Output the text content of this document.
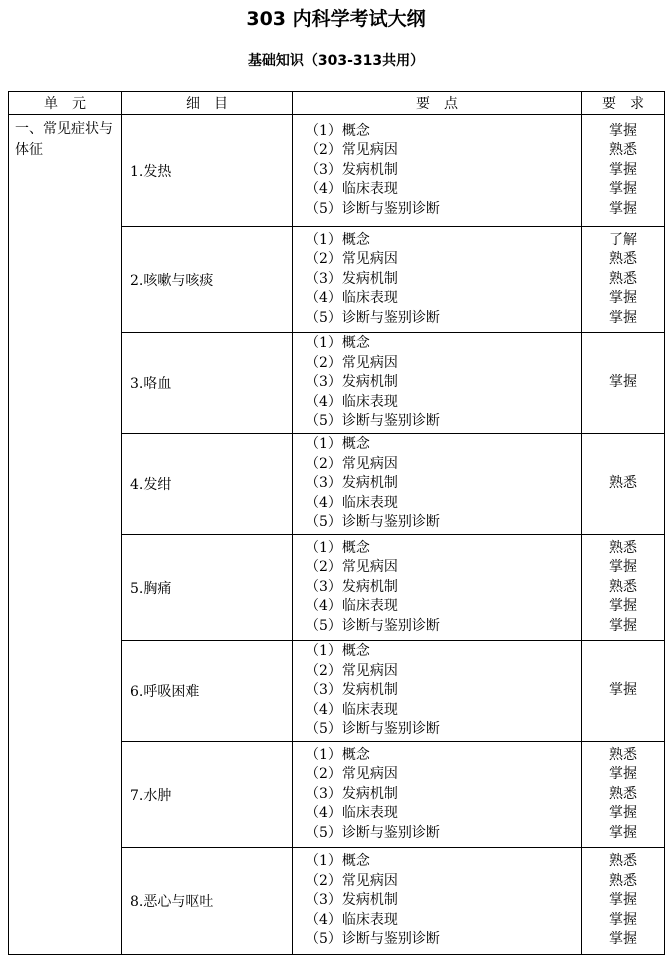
303 内科学考试大纲
基础知识（303-313共用）
单　元	细　目	要　点	要　求
一、常见症状与体征	1.发热	（1）概念
（2）常见病因
（3）发病机制
（4）临床表现
（5）诊断与鉴别诊断	掌握
熟悉
掌握
掌握
掌握

	2.咳嗽与咳痰	（1）概念
（2）常见病因
（3）发病机制
（4）临床表现
（5）诊断与鉴别诊断	了解
熟悉
熟悉
掌握
掌握

	3.咯血	（1）概念
（2）常见病因
（3）发病机制
（4）临床表现
（5）诊断与鉴别诊断	掌握

	4.发绀	（1）概念
（2）常见病因
（3）发病机制
（4）临床表现
（5）诊断与鉴别诊断	熟悉

	5.胸痛	（1）概念
（2）常见病因
（3）发病机制
（4）临床表现
（5）诊断与鉴别诊断	熟悉
掌握
熟悉
掌握
掌握

	6.呼吸困难	（1）概念
（2）常见病因
（3）发病机制
（4）临床表现
（5）诊断与鉴别诊断	掌握

	7.水肿	（1）概念
（2）常见病因
（3）发病机制
（4）临床表现
（5）诊断与鉴别诊断	熟悉
掌握
熟悉
掌握
掌握

	8.恶心与呕吐	（1）概念
（2）常见病因
（3）发病机制
（4）临床表现
（5）诊断与鉴别诊断	熟悉
熟悉
掌握
掌握
掌握
